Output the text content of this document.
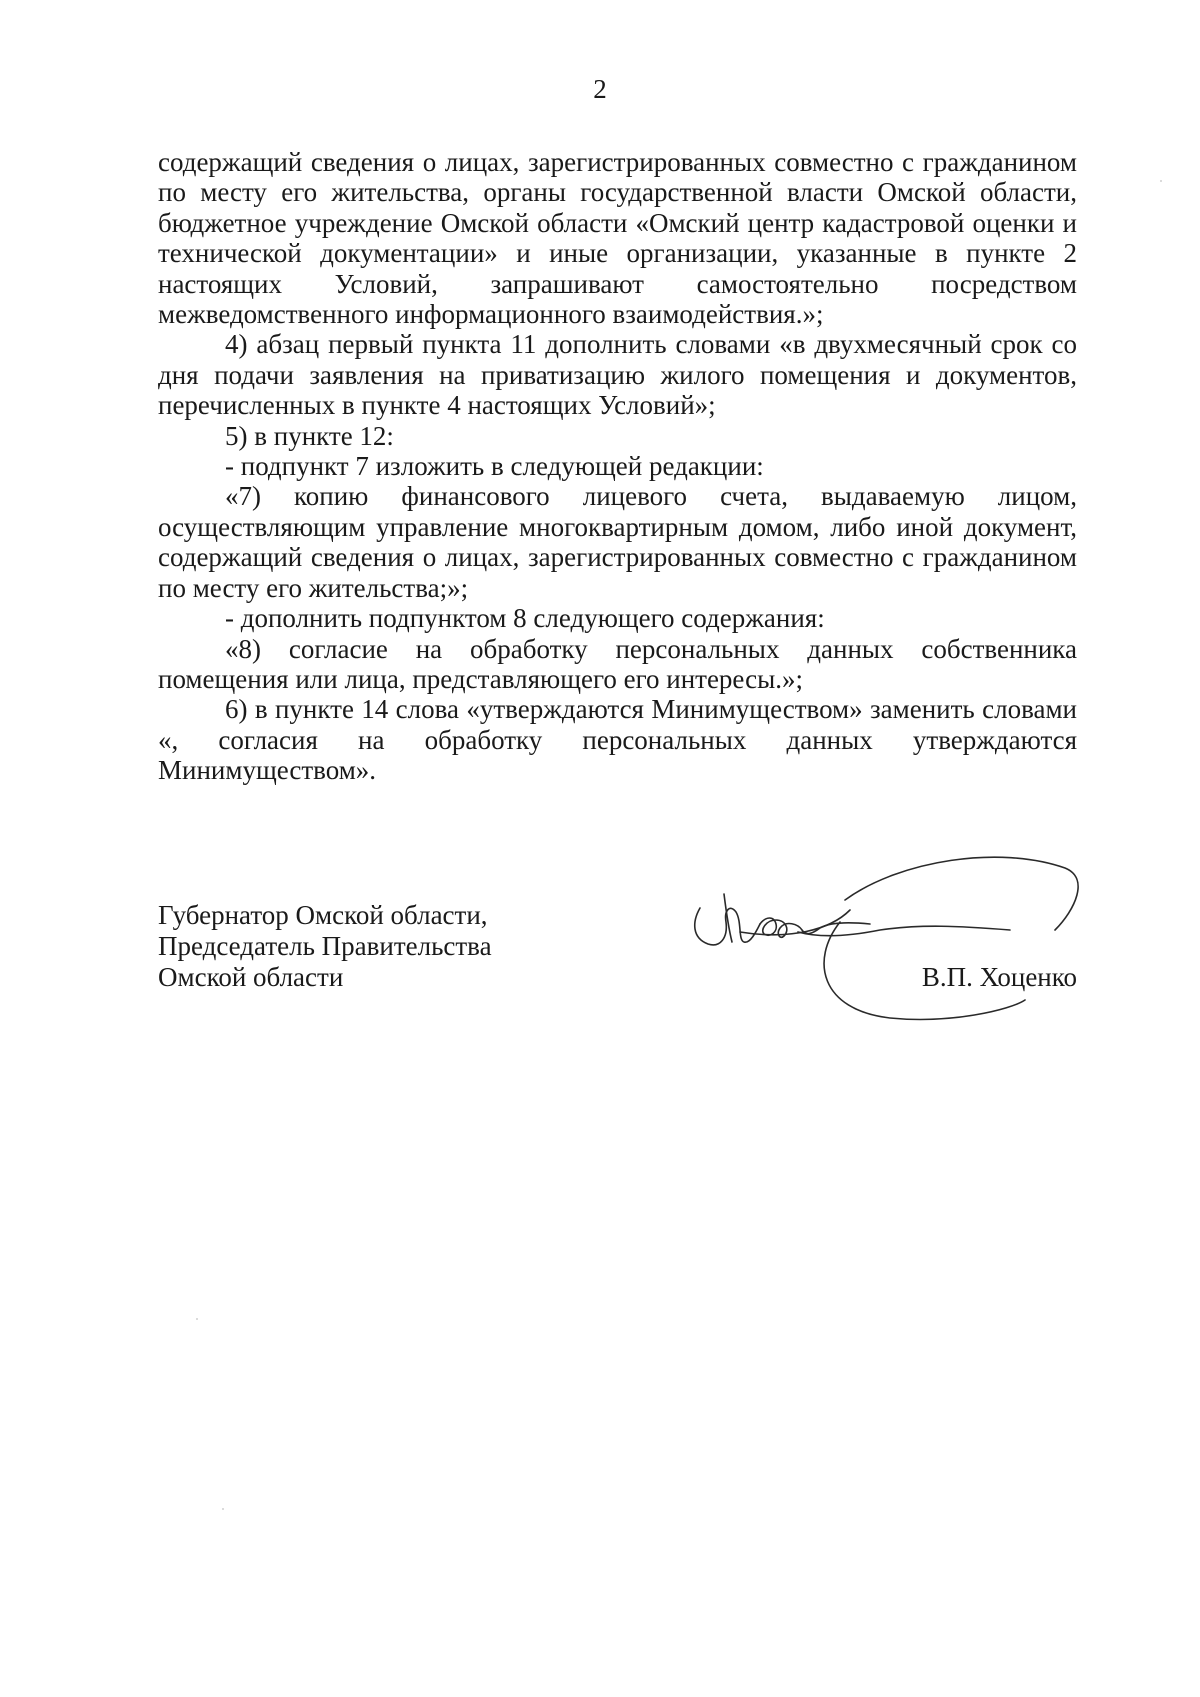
2

содержащий сведения о лицах, зарегистрированных совместно с гражданином по месту его жительства, органы государственной власти Омской области, бюджетное учреждение Омской области «Омский центр кадастровой оценки и технической документации» и иные организации, указанные в пункте 2 настоящих Условий, запрашивают самостоятельно посредством межведомственного информационного взаимодействия.»;

4) абзац первый пункта 11 дополнить словами «в двухмесячный срок со дня подачи заявления на приватизацию жилого помещения и документов, перечисленных в пункте 4 настоящих Условий»;

5) в пункте 12:

- подпункт 7 изложить в следующей редакции:

«7) копию финансового лицевого счета, выдаваемую лицом, осуществляющим управление многоквартирным домом, либо иной документ, содержащий сведения о лицах, зарегистрированных совместно с гражданином по месту его жительства;»;

- дополнить подпунктом 8 следующего содержания:

«8) согласие на обработку персональных данных собственника помещения или лица, представляющего его интересы.»;

6) в пункте 14 слова «утверждаются Минимуществом» заменить словами «, согласия на обработку персональных данных утверждаются Минимуществом».

Губернатор Омской области,
Председатель Правительства
Омской области	В.П. Хоценко
